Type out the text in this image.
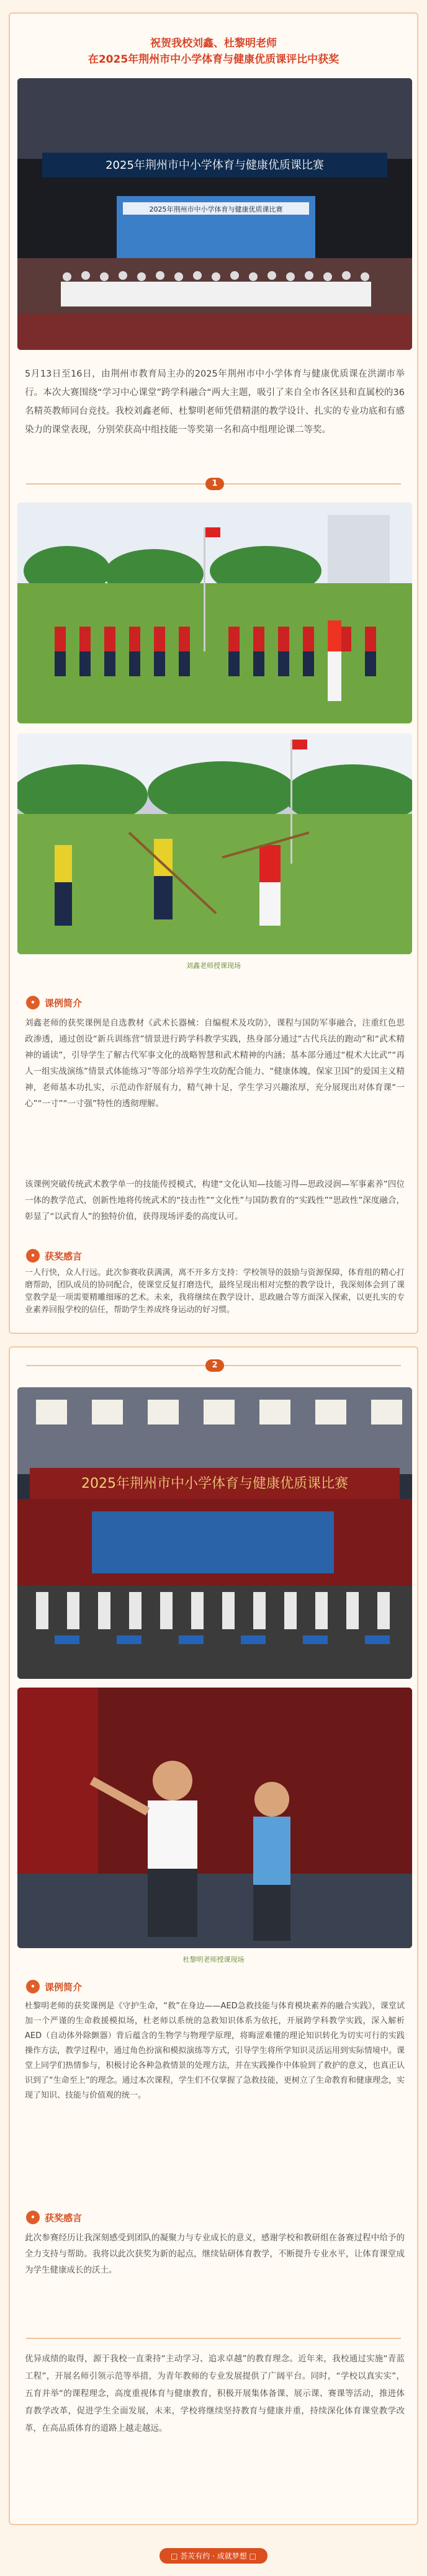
祝贺我校刘鑫、杜黎明老师
在2025年荆州市中小学体育与健康优质课评比中获奖
2025年荆州市中小学体育与健康优质课比赛
2025年荆州市中小学体育与健康优质课比赛
5月13日至16日，由荆州市教育局主办的2025年荆州市中小学体育与健康优质课在洪湖市举行。本次大赛围绕“学习中心课堂”跨学科融合“两大主题，吸引了来自全市各区县和直属校的36名精英教师同台竞技。我校刘鑫老师、杜黎明老师凭借精湛的教学设计、扎实的专业功底和有感染力的课堂表现，分别荣获高中组技能一等奖第一名和高中组理论课二等奖。
1
刘鑫老师授课现场
•	课例简介
刘鑫老师的获奖课例是自选教材《武术长器械：自编棍术及攻防》，课程与国防军事融合，注重红色思政渗透，通过创设“新兵训练营”情景进行跨学科教学实践，热身部分通过“古代兵法的跑动”和“武术精神的诵读”，引导学生了解古代军事文化的战略智慧和武术精神的内涵；基本部分通过“棍术大比武”“再人一组实战演练”情景式体能练习”等部分培养学生攻防配合能力、“健康体魄，保家卫国”的爱国主义精神，老师基本功扎实，示范动作舒展有力，精气神十足，学生学习兴趣浓厚，充分展现出对体育课“一心”“一寸”“一寸强”特性的透彻理解。
该课例突破传统武术教学单一的技能传授模式，构建“文化认知—技能习得—思政浸润—军事素养”四位一体的教学范式，创新性地将传统武术的“技击性”“文化性”与国防教育的“实践性”“思政性”深度融合，彰显了“以武育人”的独特价值，获得现场评委的高度认可。
•	获奖感言
一人行快，众人行远。此次参赛收获满满，离不开多方支持：学校领导的鼓励与资源保障，体育组的精心打磨帮助，团队成员的协同配合，使课堂反复打磨迭代，最终呈现出相对完整的教学设计，我深刻体会到了课堂教学是一项需要精雕细琢的艺术。未来，我将继续在教学设计、思政融合等方面深入探索，以更扎实的专业素养回报学校的信任，帮助学生养成终身运动的好习惯。
2
2025年荆州市中小学体育与健康优质课比赛
杜黎明老师授课现场
•	课例简介
杜黎明老师的获奖课例是《守护生命，“救”在身边——AED急救技能与体育模块素养的融合实践》，课堂试加一个严谨的生命救援模拟场，杜老师以系统的急救知识体系为依托，开展跨学科教学实践，深入解析 AED（自动体外除颤器）背后蕴含的生物学与物理学原理，将晦涩难懂的理论知识转化为切实可行的实践操作方法，教学过程中，通过角色扮演和模拟演练等方式，引导学生将所学知识灵活运用到实际情境中。课堂上同学们热情参与，积极讨论各种急救情景的处理方法，并在实践操作中体验到了救护的意义，也真正认识到了“生命至上”的理念。通过本次课程，学生们不仅掌握了急救技能，更树立了生命教育和健康理念，实现了知识、技能与价值观的统一。
•	获奖感言
此次参赛经历让我深刻感受到团队的凝聚力与专业成长的意义，感谢学校和教研组在备赛过程中给予的全力支持与帮助。我将以此次获奖为新的起点，继续钻研体育教学，不断提升专业水平，让体育课堂成为学生健康成长的沃土。
优异成绩的取得，源于我校一直秉持“主动学习、追求卓越”的教育理念。近年来，我校通过实施“青蓝工程”，开展名师引领示范等举措，为青年教师的专业发展提供了广阔平台。同时，“学校以真实实”，五育并举“的课程理念，高度重视体育与健康教育，积极开展集体备课、展示课、赛课等活动，推进体育教学改革，促进学生全面发展，未来，学校将继续坚持教育与健康并重，持续深化体育课堂教学改革，在高品质体育的道路上越走越远。
□ 荟苂有约 · 成就梦想 □
